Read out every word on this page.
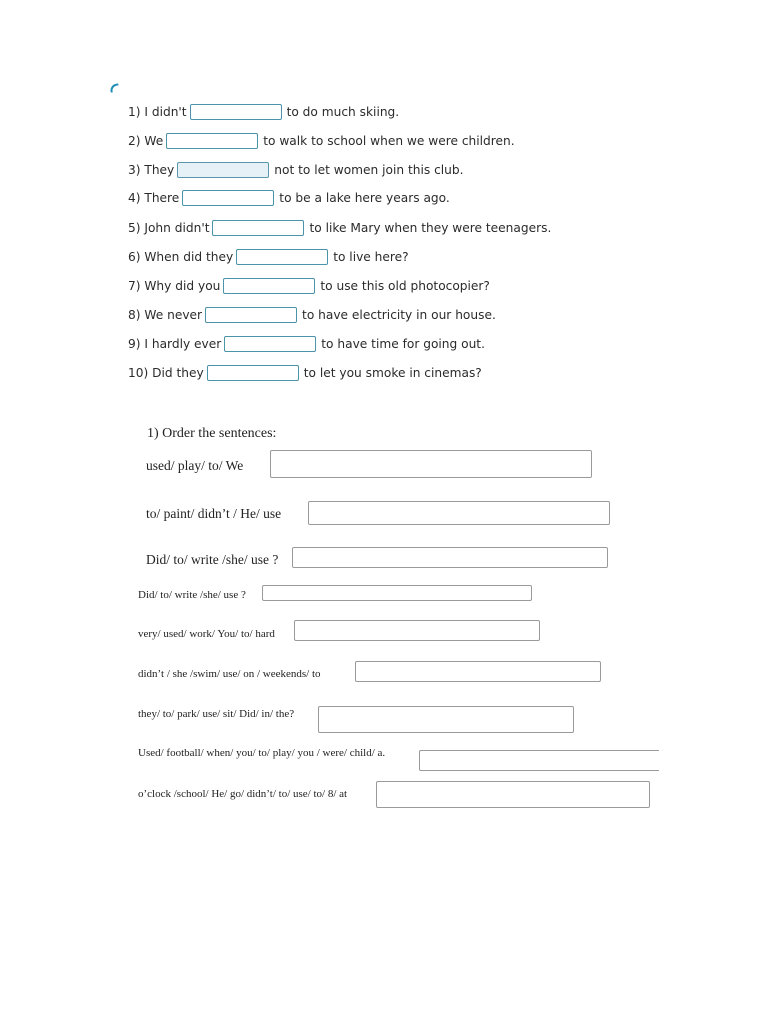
1) I didn't	to do much skiing.
2) We	to walk to school when we were children.
3) They	not to let women join this club.
4) There	to be a lake here years ago.
5) John didn't	to like Mary when they were teenagers.
6) When did they	to live here?
7) Why did you	to use this old photocopier?
8) We never	to have electricity in our house.
9) I hardly ever	to have time for going out.
10) Did they	to let you smoke in cinemas?
1) Order the sentences:
used/ play/ to/ We
to/ paint/ didn’t / He/ use
Did/ to/ write /she/ use ?
Did/ to/ write /she/ use ?
very/ used/ work/ You/ to/ hard
didn’t / she /swim/ use/ on / weekends/ to
they/ to/ park/ use/ sit/ Did/ in/ the?
Used/ football/ when/ you/ to/ play/ you / were/ child/ a.
o’clock /school/ He/ go/ didn’t/ to/ use/ to/ 8/ at
